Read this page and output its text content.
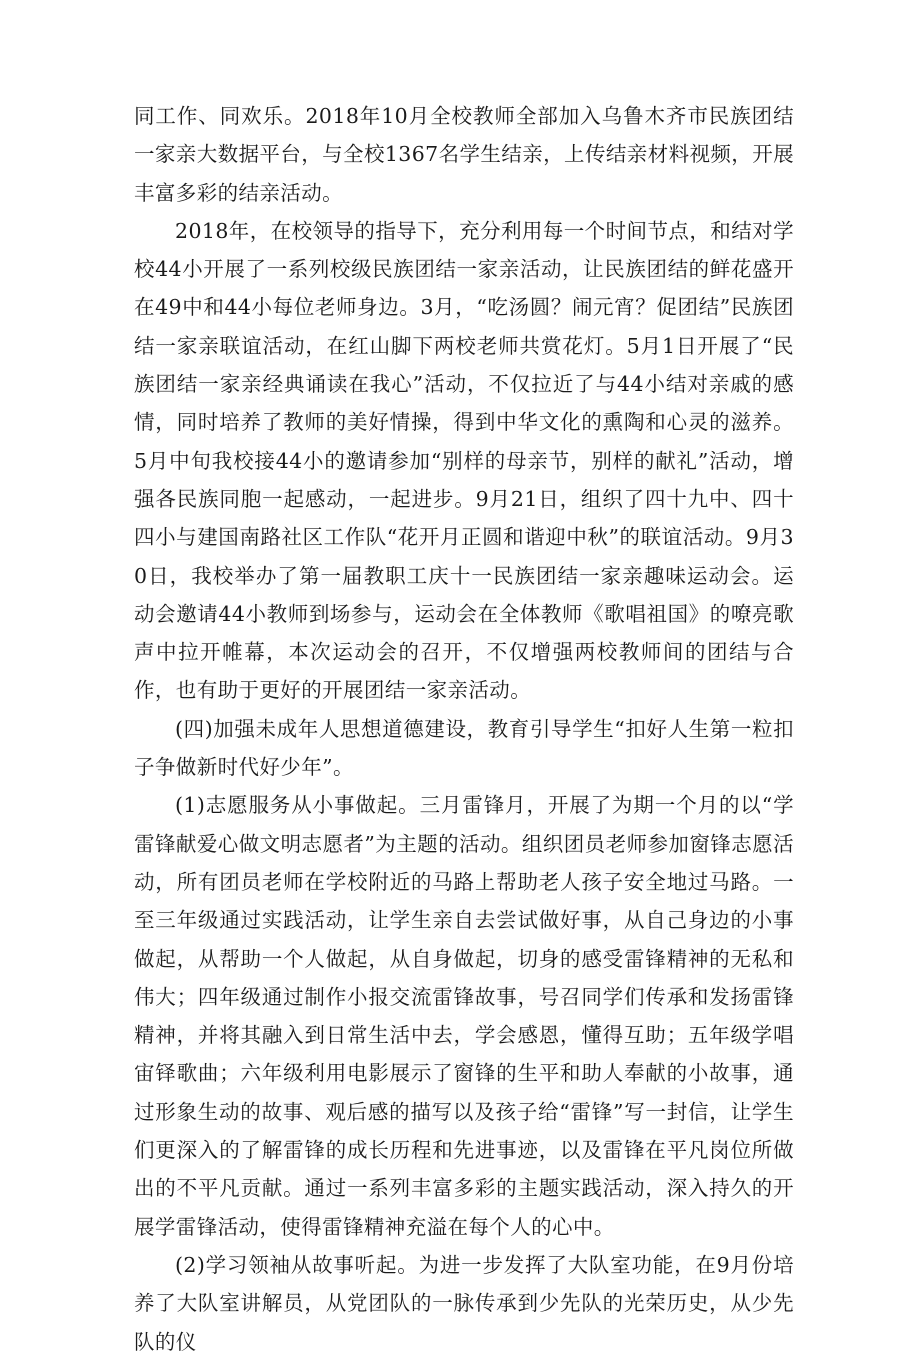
同工作、同欢乐。2018年10月全校教师全部加入乌鲁木齐市民族团结一家亲大数据平台，与全校1367名学生结亲，上传结亲材料视频，开展丰富多彩的结亲活动。

2018年，在校领导的指导下，充分利用每一个时间节点，和结对学校44小开展了一系列校级民族团结一家亲活动，让民族团结的鲜花盛开在49中和44小每位老师身边。3月，“吃汤圆？闹元宵？促团结”民族团结一家亲联谊活动，在红山脚下两校老师共赏花灯。5月1日开展了“民族团结一家亲经典诵读在我心”活动，不仅拉近了与44小结对亲戚的感情，同时培养了教师的美好情操，得到中华文化的熏陶和心灵的滋养。5月中旬我校接44小的邀请参加“别样的母亲节，别样的献礼”活动，增强各民族同胞一起感动，一起进步。9月21日，组织了四十九中、四十四小与建国南路社区工作队“花开月正圆和谐迎中秋”的联谊活动。9月30日，我校举办了第一届教职工庆十一民族团结一家亲趣味运动会。运动会邀请44小教师到场参与，运动会在全体教师《歌唱祖国》的嘹亮歌声中拉开帷幕，本次运动会的召开，不仅增强两校教师间的团结与合作，也有助于更好的开展团结一家亲活动。

(四)加强未成年人思想道德建设，教育引导学生“扣好人生第一粒扣子争做新时代好少年”。

(1)志愿服务从小事做起。三月雷锋月，开展了为期一个月的以“学雷锋献爱心做文明志愿者”为主题的活动。组织团员老师参加窗锋志愿活动，所有团员老师在学校附近的马路上帮助老人孩子安全地过马路。一至三年级通过实践活动，让学生亲自去尝试做好事，从自己身边的小事做起，从帮助一个人做起，从自身做起，切身的感受雷锋精神的无私和伟大；四年级通过制作小报交流雷锋故事，号召同学们传承和发扬雷锋精神，并将其融入到日常生活中去，学会感恩，懂得互助；五年级学唱宙铎歌曲；六年级利用电影展示了窗锋的生平和助人奉献的小故事，通过形象生动的故事、观后感的描写以及孩子给“雷锋”写一封信，让学生们更深入的了解雷锋的成长历程和先进事迹，以及雷锋在平凡岗位所做出的不平凡贡献。通过一系列丰富多彩的主题实践活动，深入持久的开展学雷锋活动，使得雷锋精神充溢在每个人的心中。

(2)学习领袖从故事听起。为进一步发挥了大队室功能，在9月份培养了大队室讲解员，从党团队的一脉传承到少先队的光荣历史，从少先队的仪
